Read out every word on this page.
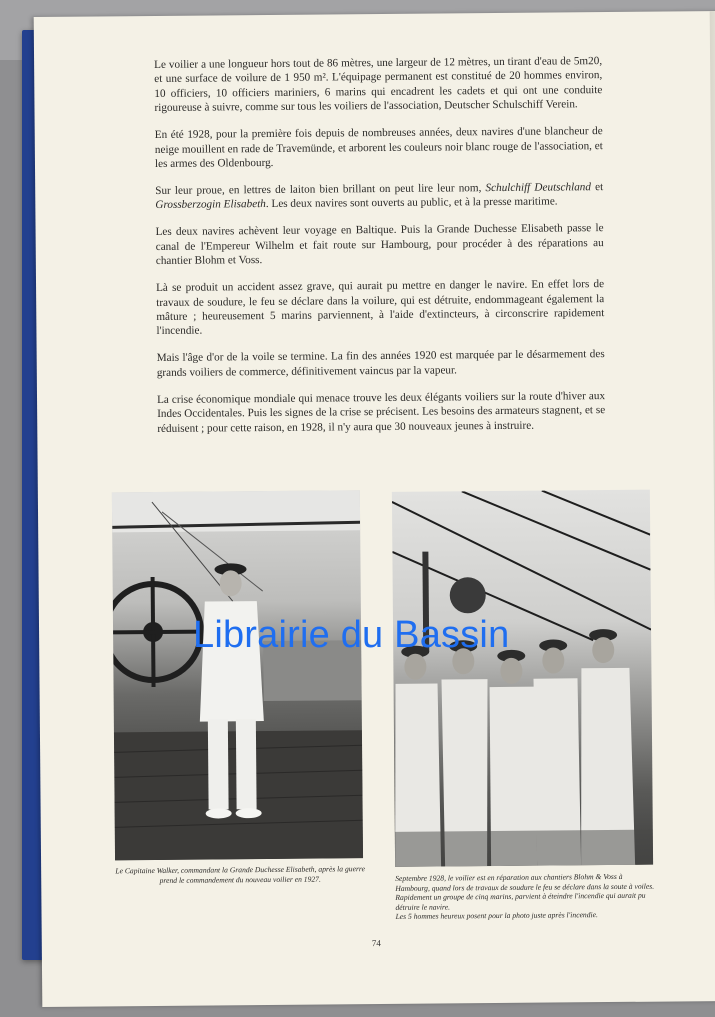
Le voilier a une longueur hors tout de 86 mètres, une largeur de 12 mètres, un tirant d'eau de 5m20, et une surface de voilure de 1 950 m². L'équipage permanent est constitué de 20 hommes environ, 10 officiers, 10 officiers mariniers, 6 marins qui encadrent les cadets et qui ont une conduite rigoureuse à suivre, comme sur tous les voiliers de l'association, Deutscher Schulschiff Verein.

En été 1928, pour la première fois depuis de nombreuses années, deux navires d'une blancheur de neige mouillent en rade de Travemünde, et arborent les couleurs noir blanc rouge de l'association, et les armes des Oldenbourg.

Sur leur proue, en lettres de laiton bien brillant on peut lire leur nom, Schulchiff Deutschland et Grossberzogin Elisabeth. Les deux navires sont ouverts au public, et à la presse maritime.

Les deux navires achèvent leur voyage en Baltique. Puis la Grande Duchesse Elisabeth passe le canal de l'Empereur Wilhelm et fait route sur Hambourg, pour procéder à des réparations au chantier Blohm et Voss.

Là se produit un accident assez grave, qui aurait pu mettre en danger le navire. En effet lors de travaux de soudure, le feu se déclare dans la voilure, qui est détruite, endommageant également la mâture ; heureusement 5 marins parviennent, à l'aide d'extincteurs, à circonscrire rapidement l'incendie.

Mais l'âge d'or de la voile se termine. La fin des années 1920 est marquée par le désarmement des grands voiliers de commerce, définitivement vaincus par la vapeur.

La crise économique mondiale qui menace trouve les deux élégants voiliers sur la route d'hiver aux Indes Occidentales. Puis les signes de la crise se précisent. Les besoins des armateurs stagnent, et se réduisent ; pour cette raison, en 1928, il n'y aura que 30 nouveaux jeunes à instruire.

Le Capitaine Walker, commandant la Grande Duchesse Elisabeth, après la guerre prend le commandement du nouveau voilier en 1927.	Septembre 1928, le voilier est en réparation aux chantiers Blohm & Voss à Hambourg, quand lors de travaux de soudure le feu se déclare dans la soute à voiles. Rapidement un groupe de cinq marins, parvient à éteindre l'incendie qui aurait pu détruire le navire.
Les 5 hommes heureux posent pour la photo juste après l'incendie.
74
Librairie du Bassin
